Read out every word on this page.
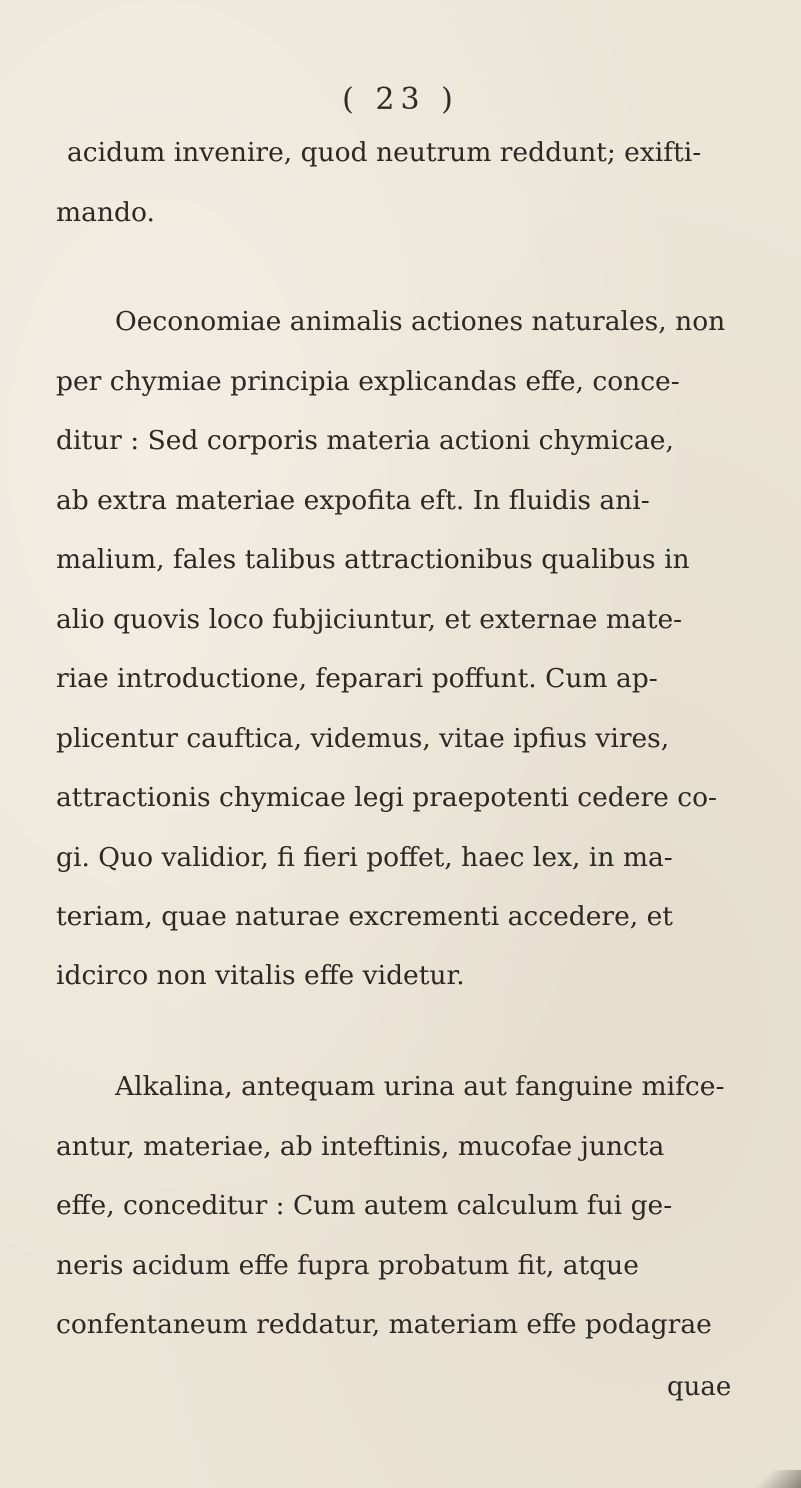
( 23 )
acidum invenire, quod neutrum reddunt; exifti-
mando.
Oeconomiae animalis actiones naturales, non
per chymiae principia explicandas effe, conce-
ditur : Sed corporis materia actioni chymicae,
ab extra materiae expofita eft. In fluidis ani-
malium, fales talibus attractionibus qualibus in
alio quovis loco fubjiciuntur, et externae mate-
riae introductione, feparari poffunt. Cum ap-
plicentur cauftica, videmus, vitae ipfius vires,
attractionis chymicae legi praepotenti cedere co-
gi. Quo validior, fi fieri poffet, haec lex, in ma-
teriam, quae naturae excrementi accedere, et
idcirco non vitalis effe videtur.
Alkalina, antequam urina aut fanguine mifce-
antur, materiae, ab inteftinis, mucofae juncta
effe, conceditur : Cum autem calculum fui ge-
neris acidum effe fupra probatum fit, atque
confentaneum reddatur, materiam effe podagrae
quae
